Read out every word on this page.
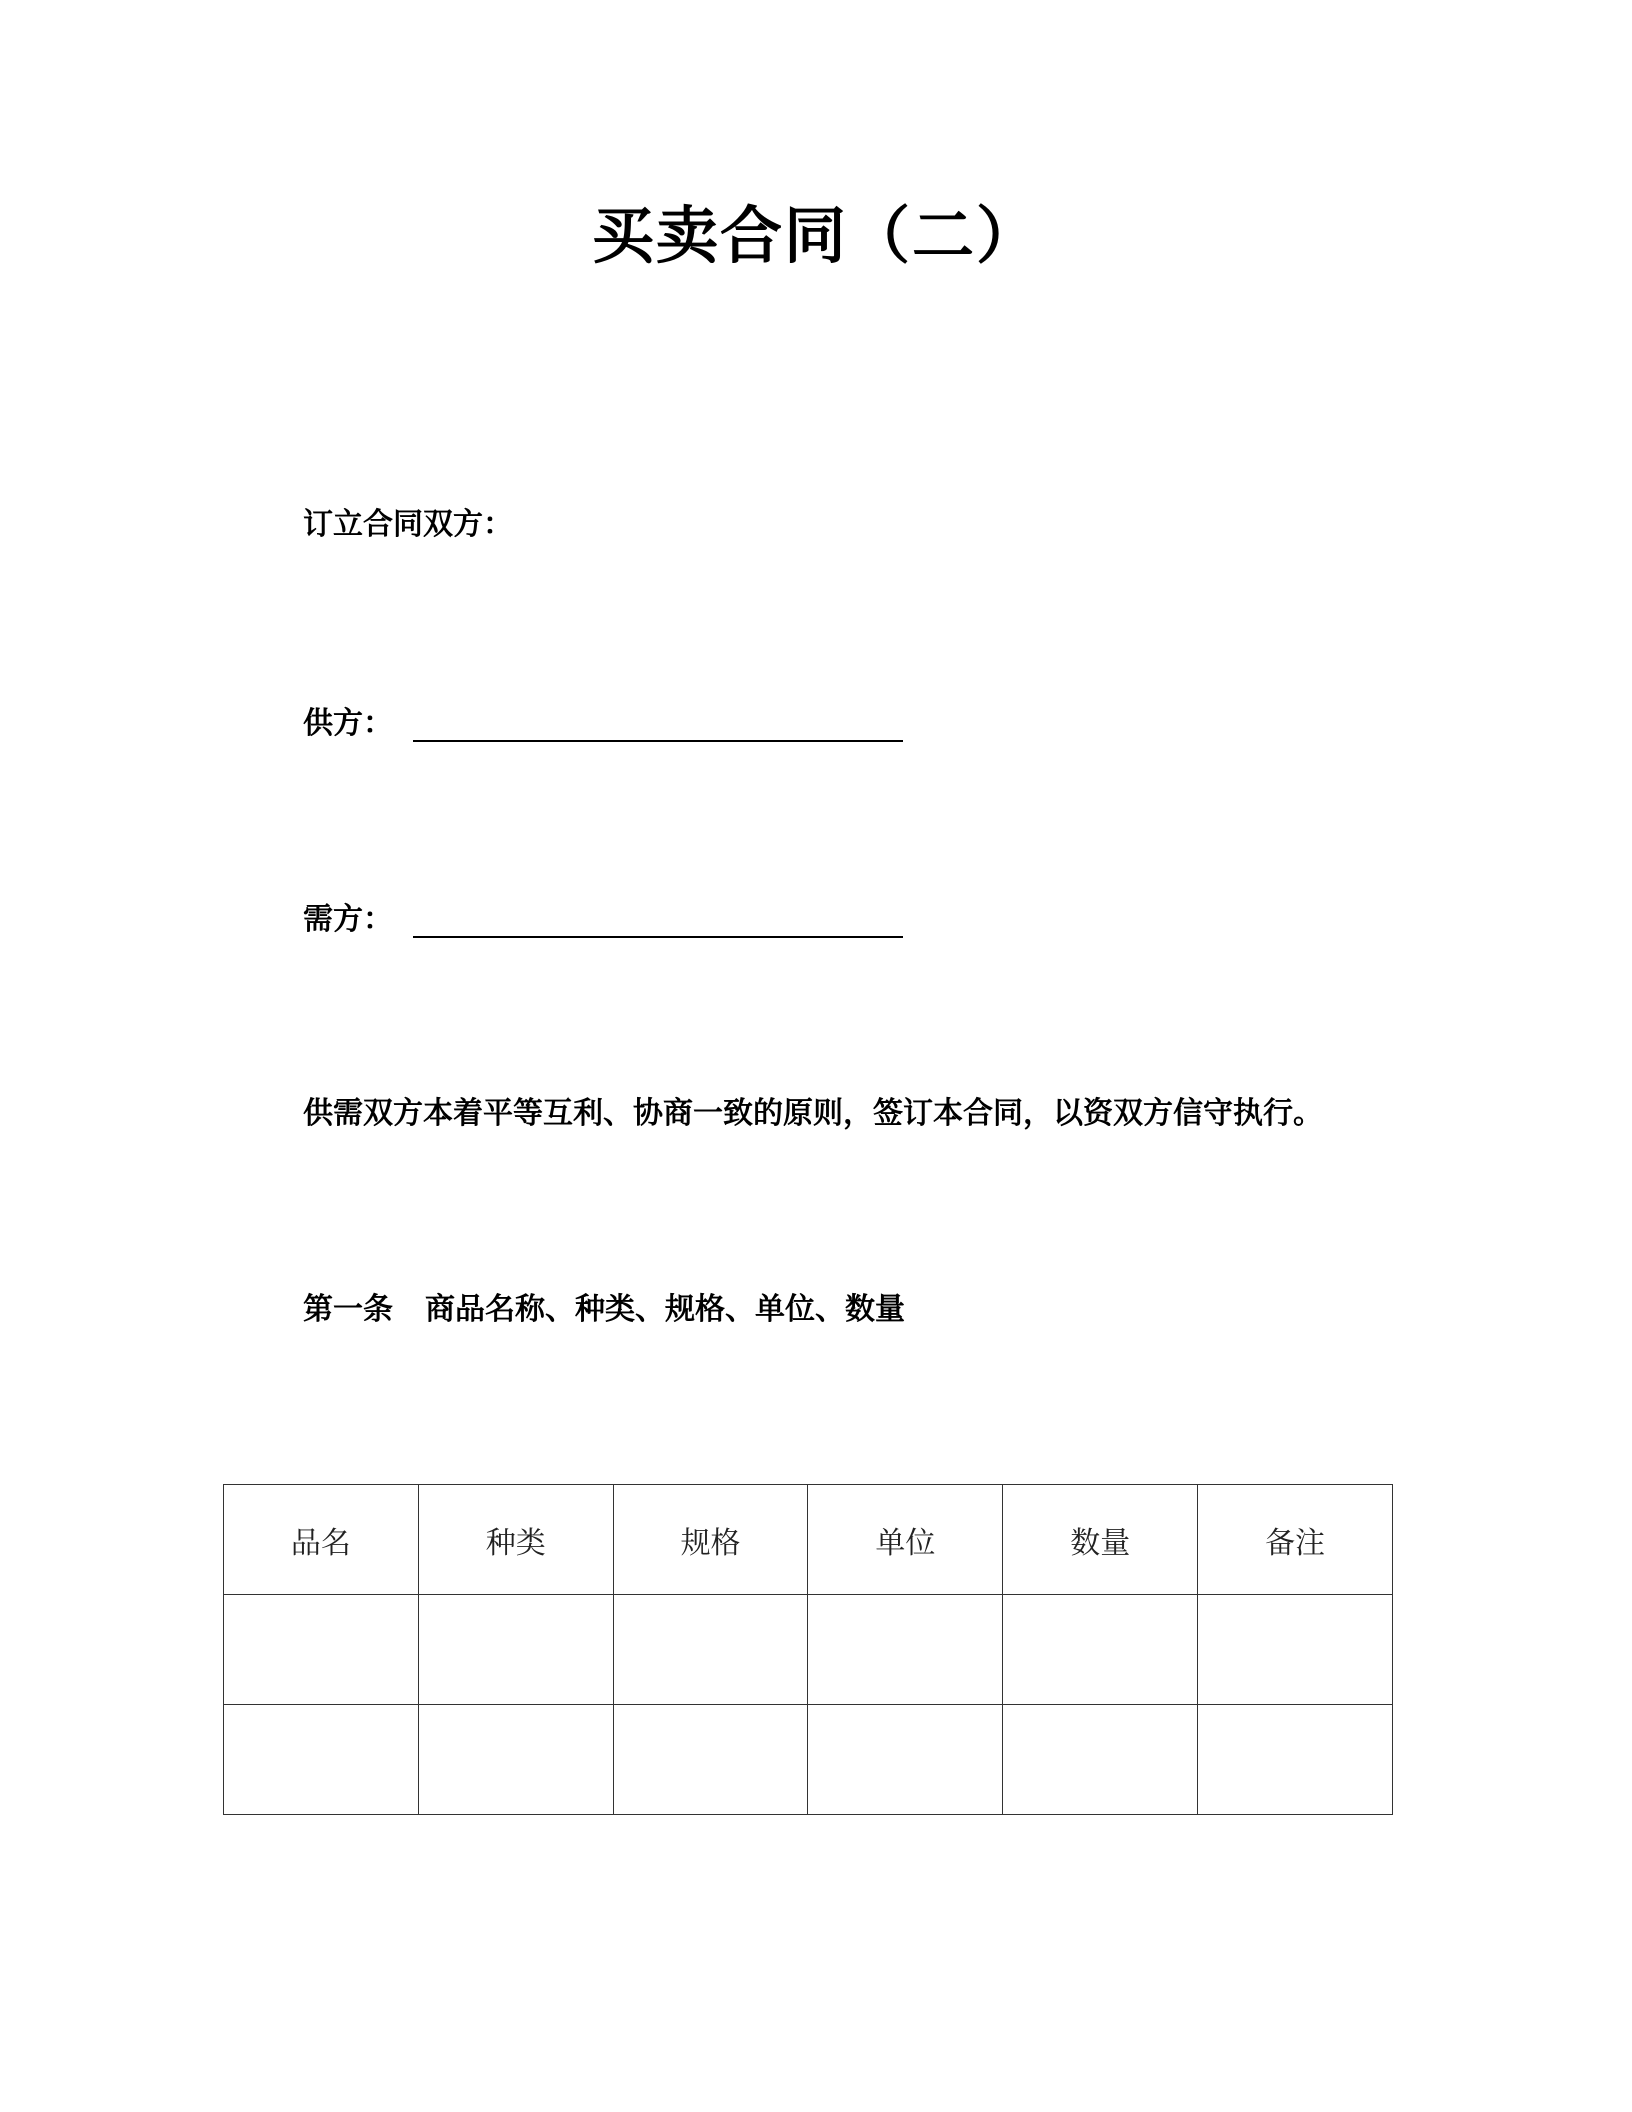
买卖合同（二）
订立合同双方：
供方：
需方：
供需双方本着平等互利、协商一致的原则，签订本合同，以资双方信守执行。
第一条 商品名称、种类、规格、单位、数量
品名	种类	规格	单位	数量	备注
